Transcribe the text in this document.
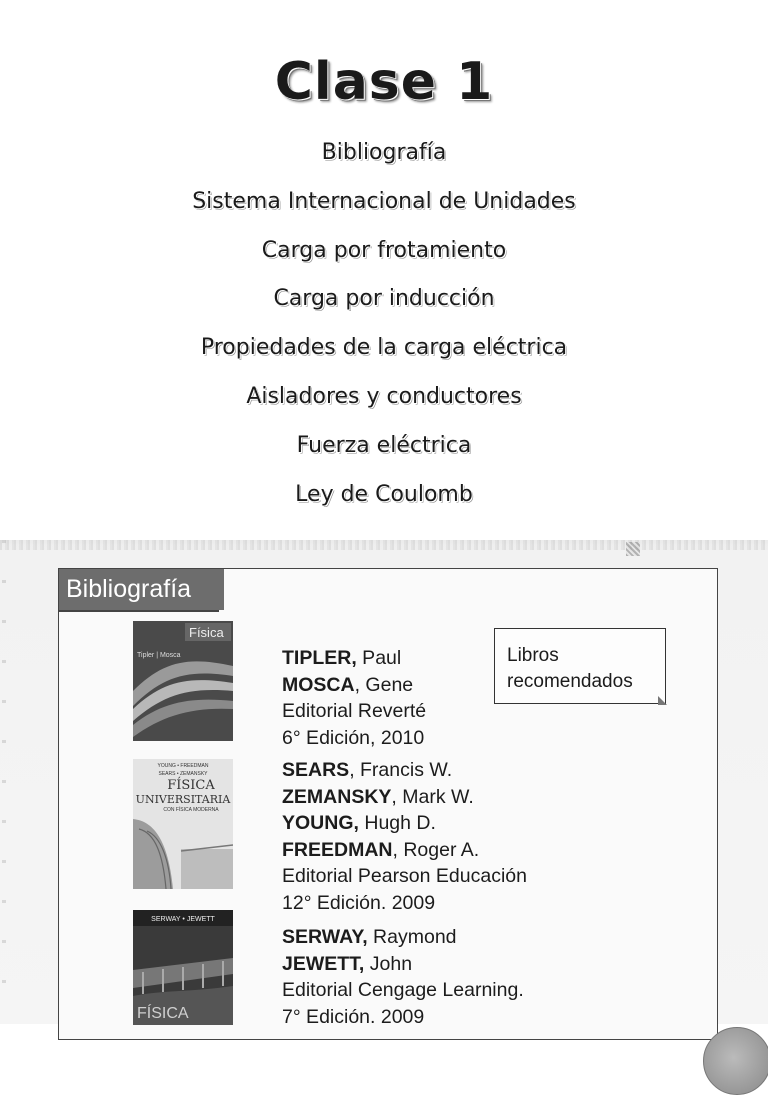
Clase 1
Bibliografía
Sistema Internacional de Unidades
Carga por frotamiento
Carga por inducción
Propiedades de la carga eléctrica
Aisladores y conductores
Fuerza eléctrica
Ley de Coulomb
Bibliografía
Libros
recomendados
Física
Tipler | Mosca	TIPLER, Paul
MOSCA, Gene
Editorial Reverté
6° Edición, 2010
YOUNG • FREEDMAN
SEARS • ZEMANSKY
FÍSICA
UNIVERSITARIA
CON FÍSICA MODERNA
SEARS, Francis W.
ZEMANSKY, Mark W.
YOUNG, Hugh D.
FREEDMAN, Roger A.
Editorial Pearson Educación
12° Edición. 2009
SERWAY • JEWETT
FÍSICA
SERWAY, Raymond
JEWETT, John
Editorial Cengage Learning.
7° Edición. 2009
